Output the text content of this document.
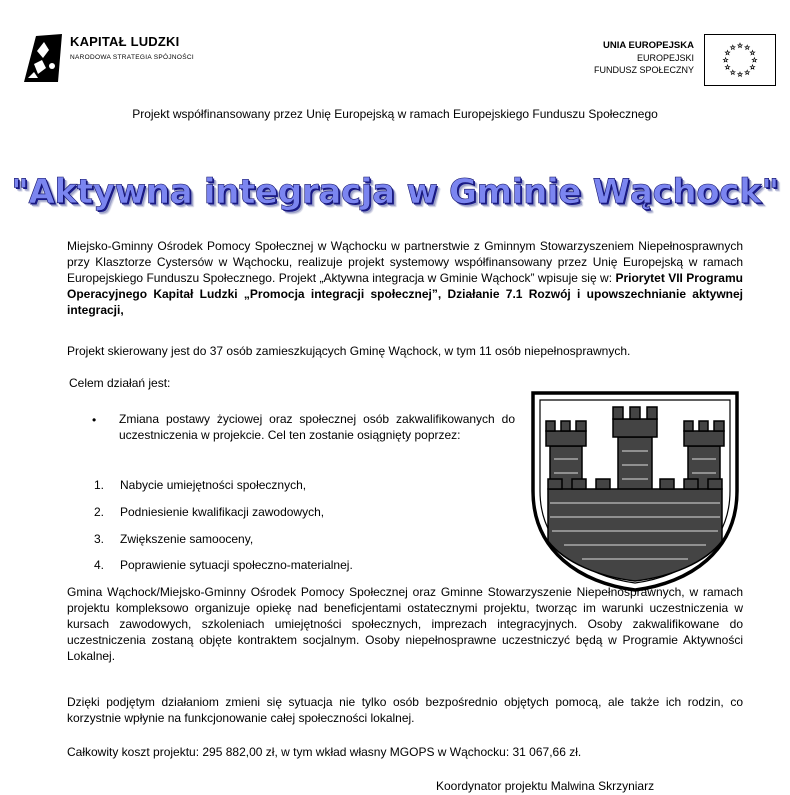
KAPITAŁ LUDZKI
NARODOWA STRATEGIA SPÓJNOŚCI
UNIA EUROPEJSKA
EUROPEJSKI
FUNDUSZ SPOŁECZNY
Projekt współfinansowany przez Unię Europejską w ramach Europejskiego Funduszu Społecznego
"Aktywna integracja w Gminie Wąchock"
Miejsko-Gminny Ośrodek Pomocy Społecznej w Wąchocku w partnerstwie z Gminnym Stowarzyszeniem Niepełnosprawnych przy Klasztorze Cystersów w Wąchocku, realizuje projekt systemowy współfinansowany przez Unię Europejską w ramach Europejskiego Funduszu Społecznego. Projekt „Aktywna integracja w Gminie Wąchock” wpisuje się w: Priorytet VII Programu Operacyjnego Kapitał Ludzki „Promocja integracji społecznej”, Działanie 7.1 Rozwój i upowszechnianie aktywnej integracji,
Projekt skierowany jest do 37 osób zamieszkujących Gminę Wąchock, w tym 11 osób niepełnosprawnych.
Celem działań jest:
• Zmiana postawy życiowej oraz społecznej osób zakwalifikowanych do uczestniczenia w projekcie. Cel ten zostanie osiągnięty poprzez:
1. Nabycie umiejętności społecznych,
2. Podniesienie kwalifikacji zawodowych,
3. Zwiększenie samooceny,
4. Poprawienie sytuacji społeczno-materialnej.
Gmina Wąchock/Miejsko-Gminny Ośrodek Pomocy Społecznej oraz Gminne Stowarzyszenie Niepełnosprawnych, w ramach projektu kompleksowo organizuje opiekę nad beneficjentami ostatecznymi projektu, tworząc im warunki uczestniczenia w kursach zawodowych, szkoleniach umiejętności społecznych, imprezach integracyjnych. Osoby zakwalifikowane do uczestniczenia zostaną objęte kontraktem socjalnym. Osoby niepełnosprawne uczestniczyć będą w Programie Aktywności Lokalnej.
Dzięki podjętym działaniom zmieni się sytuacja nie tylko osób bezpośrednio objętych pomocą, ale także ich rodzin, co korzystnie wpłynie na funkcjonowanie całej społeczności lokalnej.
Całkowity koszt projektu: 295 882,00 zł, w tym wkład własny MGOPS w Wąchocku: 31 067,66 zł.
Koordynator projektu Malwina Skrzyniarz
